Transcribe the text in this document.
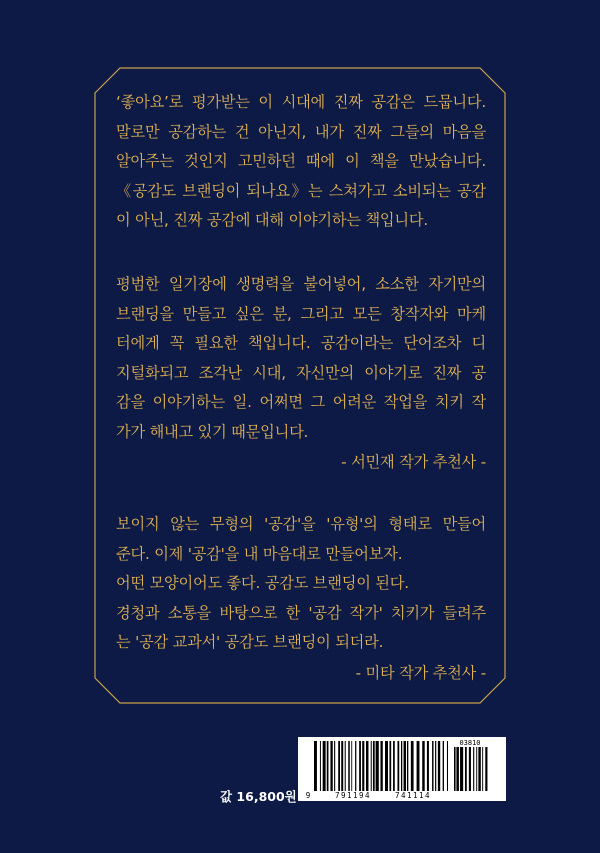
‘좋아요’로 평가받는 이 시대에 진짜 공감은 드뭅니다.
말로만 공감하는 건 아닌지, 내가 진짜 그들의 마음을
알아주는 것인지 고민하던 때에 이 책을 만났습니다.
《공감도 브랜딩이 되나요》는 스쳐가고 소비되는 공감
이 아닌, 진짜 공감에 대해 이야기하는 책입니다.
평범한 일기장에 생명력을 불어넣어, 소소한 자기만의
브랜딩을 만들고 싶은 분, 그리고 모든 창작자와 마케
터에게 꼭 필요한 책입니다. 공감이라는 단어조차 디
지털화되고 조각난 시대, 자신만의 이야기로 진짜 공
감을 이야기하는 일. 어쩌면 그 어려운 작업을 치키 작
가가 해내고 있기 때문입니다.
- 서민재 작가 추천사 -
보이지 않는 무형의 '공감'을 '유형'의 형태로 만들어
준다. 이제 '공감'을 내 마음대로 만들어보자.
어떤 모양이어도 좋다. 공감도 브랜딩이 된다.
경청과 소통을 바탕으로 한 '공감 작가' 치키가 들려주
는 '공감 교과서' 공감도 브랜딩이 되더라.
- 미타 작가 추천사 -
값 16,800원
03810
9	791194	741114
